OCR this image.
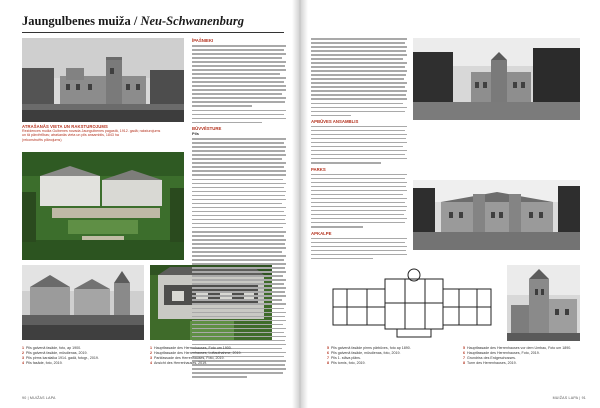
Jaungulbenes muiža / Neu-Schwanenburg
ATRAŠANĀS VIETA UN RAKSTUROJUMS
Rezidences muiža Gulbenes novada Jaungulbenes pagastā, 1912. gadā; raksturojums
un tā pārvērtības; atrašanās vieta un pils ansamblis, 1843 ha
(rekonstruēts plānojums)
ĪPAŠNIEKI
BŪVVĒSTURE
Pils
1 Pils galvenā fasāde, foto, ap 1900.
2 Pils galvenā fasāde, mūsdienas, 2019.
3 Pils pirms karalaika 1914. gadā, fotogr., 2019.
4 Pils fasāde, foto, 2019.
1 Hauptfassade des Herrenhauses, Foto um 1900.
2 Hauptfassade des Herrenhauses, Luftaufnahme, 2019.
3 Parkfassade des Herrenhauses, Foto, 2019.
4 Ansicht des Herrenhauses, 2019.
90 | MUIŽAS LAPA
APBŪVES ANSAMBLIS
PARKS
APKALPE
5 Pils galvenā fasāde pirms pārbūves, foto ap 1890.
6 Pils galvenā fasāde, mūsdienas, foto, 2019.
7 Pils 1. stāva plāns.
8 Pils tornis, foto, 2019.
5 Hauptfassade des Herrenhauses vor dem Umbau, Foto um 1890.
6 Hauptfassade des Herrenhauses, Foto, 2019.
7 Grundriss des Erdgeschosses.
8 Turm des Herrenhauses, 2019.
MUIŽAS LAPA | 91
